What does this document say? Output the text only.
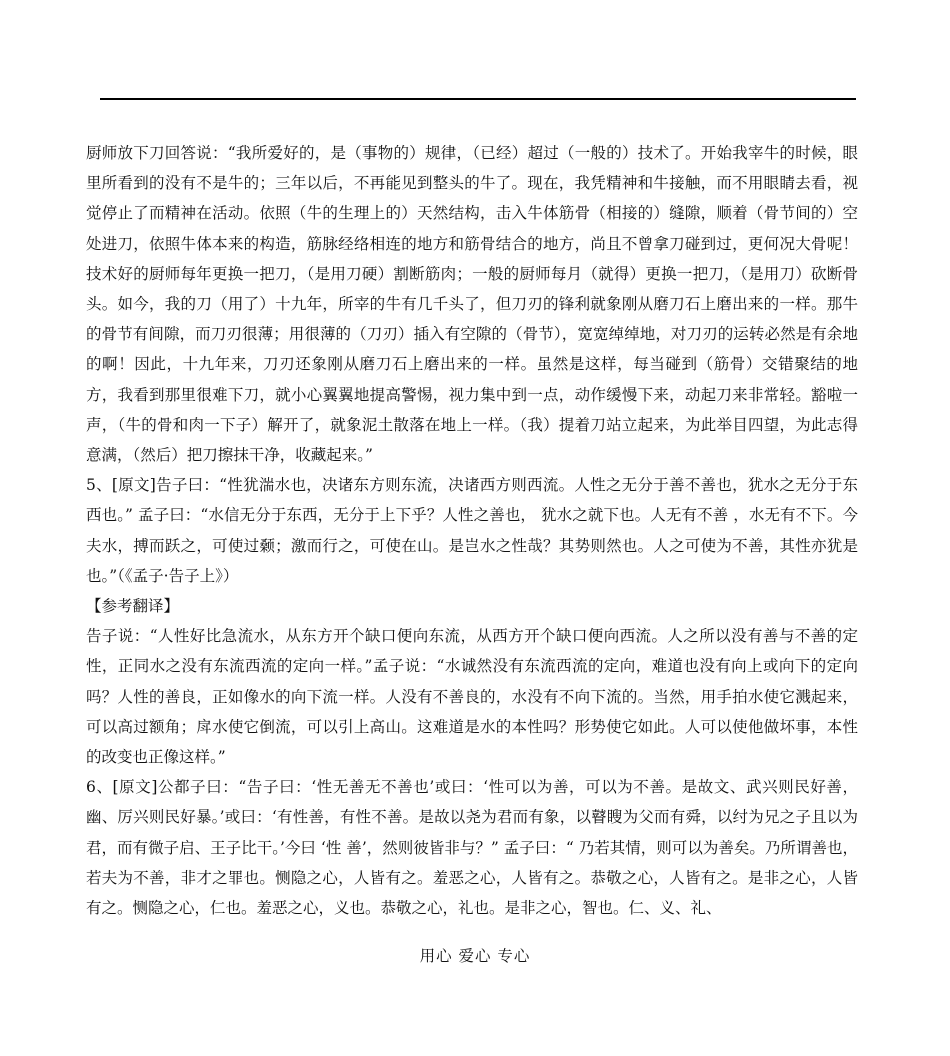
厨师放下刀回答说：“我所爱好的，是（事物的）规律，（已经）超过（一般的）技术了。开始我宰牛的时候，眼里所看到的没有不是牛的；三年以后，不再能见到整头的牛了。现在，我凭精神和牛接触，而不用眼睛去看，视觉停止了而精神在活动。依照（牛的生理上的）天然结构，击入牛体筋骨（相接的）缝隙，顺着（骨节间的）空处进刀，依照牛体本来的构造，筋脉经络相连的地方和筋骨结合的地方，尚且不曾拿刀碰到过，更何况大骨呢！技术好的厨师每年更换一把刀，（是用刀硬）割断筋肉；一般的厨师每月（就得）更换一把刀，（是用刀）砍断骨头。如今，我的刀（用了）十九年，所宰的牛有几千头了，但刀刃的锋利就象刚从磨刀石上磨出来的一样。那牛的骨节有间隙，而刀刃很薄；用很薄的（刀刃）插入有空隙的（骨节），宽宽绰绰地，对刀刃的运转必然是有余地的啊！因此，十九年来，刀刃还象刚从磨刀石上磨出来的一样。虽然是这样，每当碰到（筋骨）交错聚结的地方，我看到那里很难下刀，就小心翼翼地提高警惕，视力集中到一点，动作缓慢下来，动起刀来非常轻。豁啦一声，（牛的骨和肉一下子）解开了，就象泥土散落在地上一样。（我）提着刀站立起来，为此举目四望，为此志得意满，（然后）把刀擦抹干净，收藏起来。”

5、[原文]告子曰：“性犹湍水也，决诸东方则东流，决诸西方则西流。人性之无分于善不善也，犹水之无分于东西也。” 孟子曰：“水信无分于东西，无分于上下乎？人性之善也， 犹水之就下也。人无有不善 ，水无有不下。今夫水，搏而跃之，可使过颡；激而行之，可使在山。是岂水之性哉？其势则然也。人之可使为不善，其性亦犹是也。”（《孟子·告子上》）

【参考翻译】

告子说：“人性好比急流水，从东方开个缺口便向东流，从西方开个缺口便向西流。人之所以没有善与不善的定性，正同水之没有东流西流的定向一样。”孟子说：“水诚然没有东流西流的定向，难道也没有向上或向下的定向吗？人性的善良，正如像水的向下流一样。人没有不善良的，水没有不向下流的。当然，用手拍水使它溅起来，可以高过额角；戽水使它倒流，可以引上高山。这难道是水的本性吗？形势使它如此。人可以使他做坏事，本性的改变也正像这样。”

6、[原文]公都子曰：“告子曰：‘性无善无不善也’或曰：‘性可以为善，可以为不善。是故文、武兴则民好善，幽、厉兴则民好暴。’或曰：‘有性善，有性不善。是故以尧为君而有象，以瞽瞍为父而有舜，以纣为兄之子且以为君，而有微子启、王子比干。’今曰 ‘性 善’，然则彼皆非与？” 孟子曰：“ 乃若其情，则可以为善矣。乃所谓善也，若夫为不善，非才之罪也。恻隐之心，人皆有之。羞恶之心，人皆有之。恭敬之心，人皆有之。是非之心，人皆有之。恻隐之心，仁也。羞恶之心，义也。恭敬之心，礼也。是非之心，智也。仁、义、礼、

用心 爱心 专心
